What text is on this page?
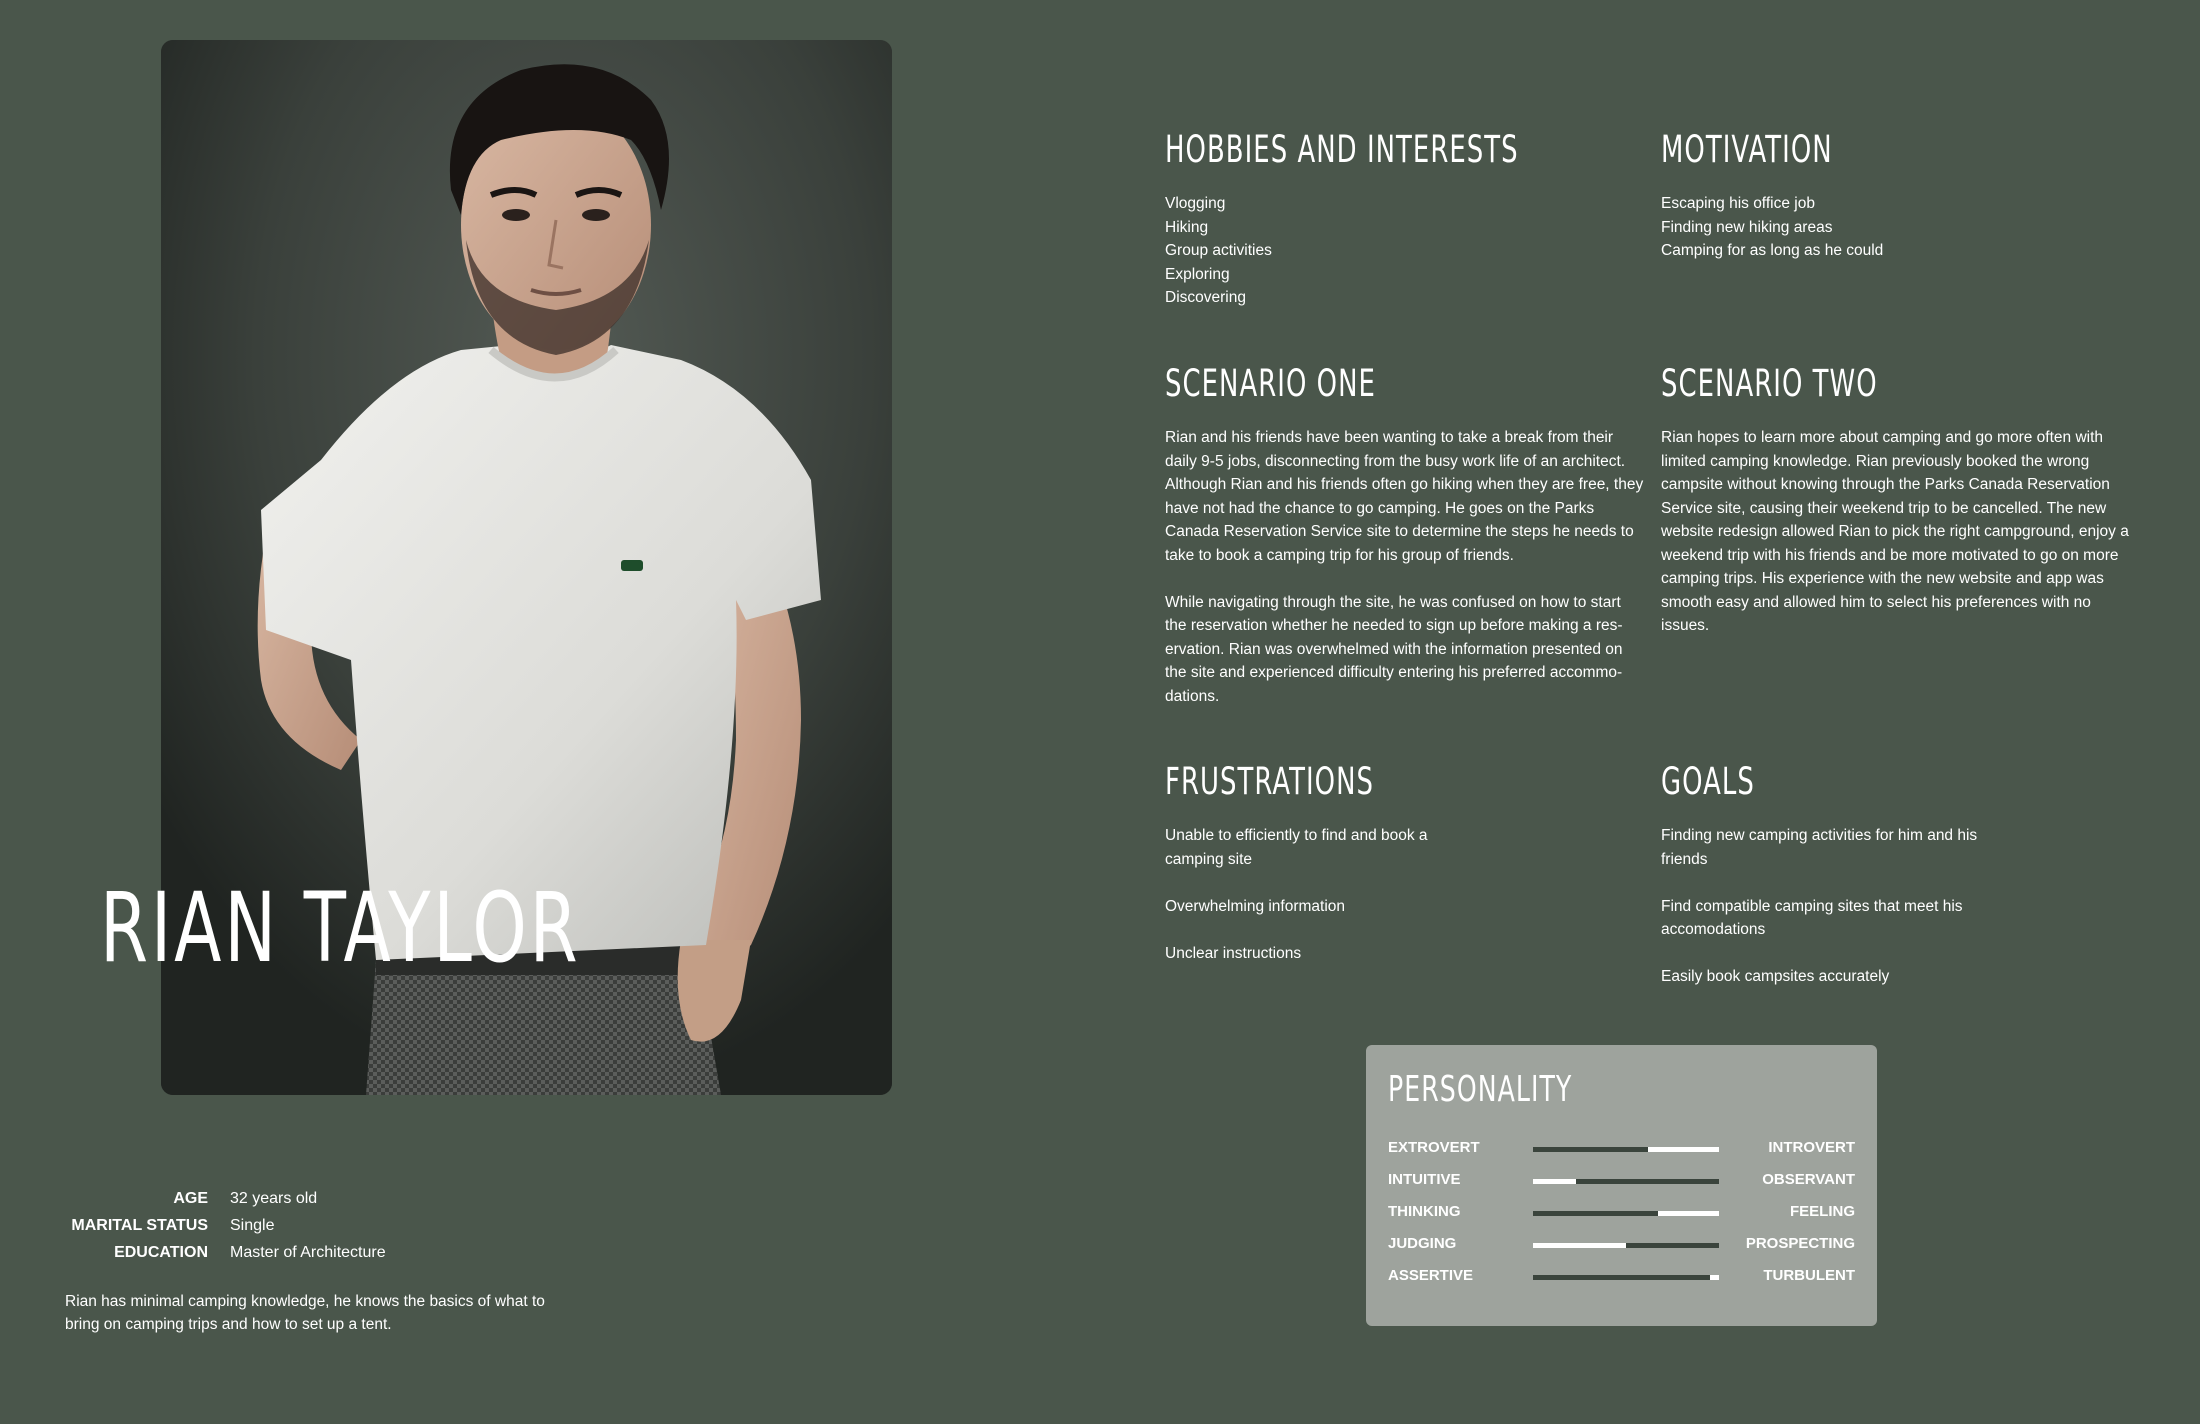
RIAN TAYLOR
AGE 32 years old
MARITAL STATUS Single
EDUCATION Master of Architecture
Rian has minimal camping knowledge, he knows the basics of what to bring on camping trips and how to set up a tent.
HOBBIES AND INTERESTS
Vlogging
Hiking
Group activities
Exploring
Discovering
MOTIVATION
Escaping his office job
Finding new hiking areas
Camping for as long as he could
SCENARIO ONE

Rian and his friends have been wanting to take a break from their daily 9-5 jobs, disconnecting from the busy work life of an architect. Although Rian and his friends often go hiking when they are free, they have not had the chance to go camping. He goes on the Parks Canada Reservation Service site to determine the steps he needs to take to book a camping trip for his group of friends.

While navigating through the site, he was confused on how to start the reservation whether he needed to sign up before making a res-ervation. Rian was overwhelmed with the information presented on the site and experienced difficulty entering his preferred accommo-dations.

SCENARIO TWO

Rian hopes to learn more about camping and go more often with limited camping knowledge. Rian previously booked the wrong campsite without knowing through the Parks Canada Reservation Service site, causing their weekend trip to be cancelled. The new website redesign allowed Rian to pick the right campground, enjoy a weekend trip with his friends and be more motivated to go on more camping trips. His experience with the new website and app was smooth easy and allowed him to select his preferences with no issues.

FRUSTRATIONS
Unable to efficiently to find and book a camping site
Overwhelming information
Unclear instructions
GOALS
Finding new camping activities for him and his friends
Find compatible camping sites that meet his accomodations
Easily book campsites accurately
PERSONALITY
EXTROVERT	INTROVERT
INTUITIVE	OBSERVANT
THINKING	FEELING
JUDGING	PROSPECTING
ASSERTIVE	TURBULENT
